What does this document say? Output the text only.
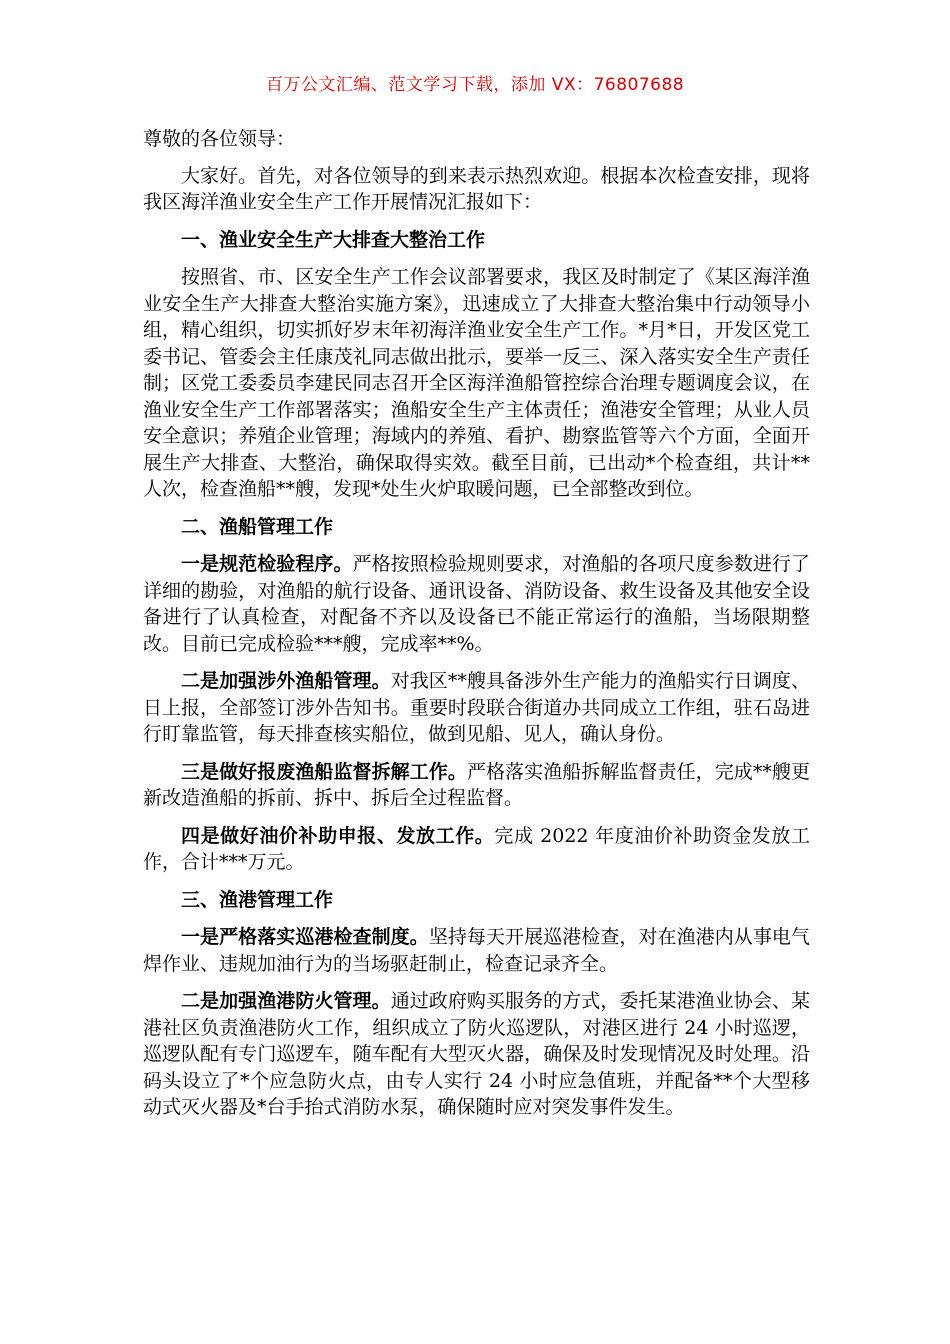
百万公文汇编、范文学习下载，添加 VX：76807688

尊敬的各位领导：

大家好。首先，对各位领导的到来表示热烈欢迎。根据本次检查安排，现将我区海洋渔业安全生产工作开展情况汇报如下：

一、渔业安全生产大排查大整治工作

按照省、市、区安全生产工作会议部署要求，我区及时制定了《某区海洋渔业安全生产大排查大整治实施方案》，迅速成立了大排查大整治集中行动领导小组，精心组织，切实抓好岁末年初海洋渔业安全生产工作。*月*日，开发区党工委书记、管委会主任康茂礼同志做出批示，要举一反三、深入落实安全生产责任制；区党工委委员李建民同志召开全区海洋渔船管控综合治理专题调度会议，在渔业安全生产工作部署落实；渔船安全生产主体责任；渔港安全管理；从业人员安全意识；养殖企业管理；海域内的养殖、看护、勘察监管等六个方面，全面开展生产大排查、大整治，确保取得实效。截至目前，已出动*个检查组，共计**人次，检查渔船**艘，发现*处生火炉取暖问题，已全部整改到位。

二、渔船管理工作

一是规范检验程序。严格按照检验规则要求，对渔船的各项尺度参数进行了详细的勘验，对渔船的航行设备、通讯设备、消防设备、救生设备及其他安全设备进行了认真检查，对配备不齐以及设备已不能正常运行的渔船，当场限期整改。目前已完成检验***艘，完成率**%。

二是加强涉外渔船管理。对我区**艘具备涉外生产能力的渔船实行日调度、日上报，全部签订涉外告知书。重要时段联合街道办共同成立工作组，驻石岛进行盯靠监管，每天排查核实船位，做到见船、见人，确认身份。

三是做好报废渔船监督拆解工作。严格落实渔船拆解监督责任，完成**艘更新改造渔船的拆前、拆中、拆后全过程监督。

四是做好油价补助申报、发放工作。完成 2022 年度油价补助资金发放工作，合计***万元。

三、渔港管理工作

一是严格落实巡港检查制度。坚持每天开展巡港检查，对在渔港内从事电气焊作业、违规加油行为的当场驱赶制止，检查记录齐全。

二是加强渔港防火管理。通过政府购买服务的方式，委托某港渔业协会、某港社区负责渔港防火工作，组织成立了防火巡逻队，对港区进行 24 小时巡逻，巡逻队配有专门巡逻车，随车配有大型灭火器，确保及时发现情况及时处理。沿码头设立了*个应急防火点，由专人实行 24 小时应急值班，并配备**个大型移动式灭火器及*台手抬式消防水泵，确保随时应对突发事件发生。
